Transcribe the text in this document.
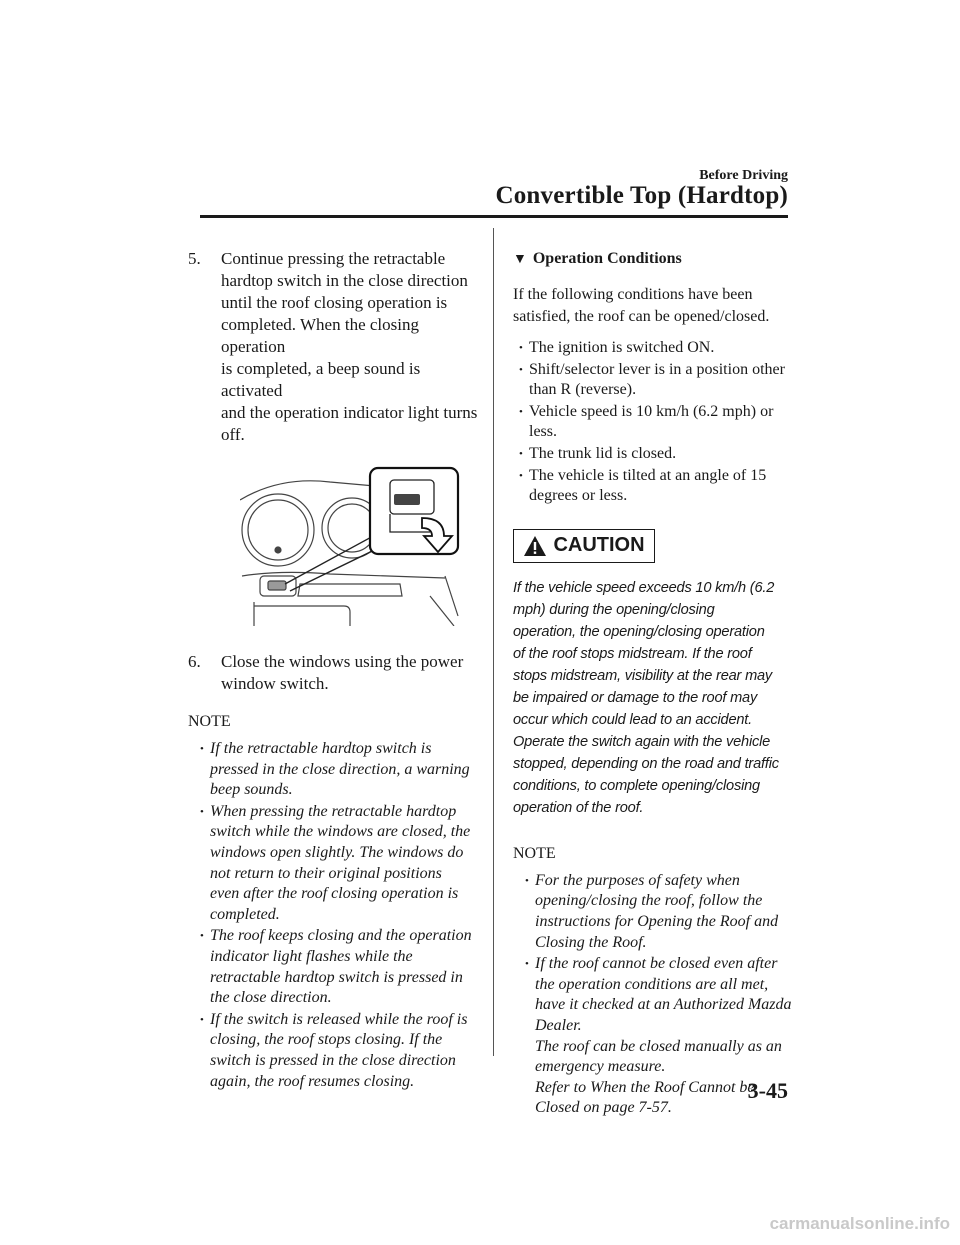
Before Driving
Convertible Top (Hardtop)
5. Continue pressing the retractable
hardtop switch in the close direction
until the roof closing operation is
completed. When the closing operation
is completed, a beep sound is activated
and the operation indicator light turns
off.
6. Close the windows using the power
window switch.
NOTE
• If the retractable hardtop switch is
pressed in the close direction, a warning
beep sounds.
• When pressing the retractable hardtop
switch while the windows are closed, the
windows open slightly. The windows do
not return to their original positions
even after the roof closing operation is
completed.
• The roof keeps closing and the operation
indicator light flashes while the
retractable hardtop switch is pressed in
the close direction.
• If the switch is released while the roof is
closing, the roof stops closing. If the
switch is pressed in the close direction
again, the roof resumes closing.
▼ Operation Conditions
If the following conditions have been
satisfied, the roof can be opened/closed.
• The ignition is switched ON.
• Shift/selector lever is in a position other
than R (reverse).
• Vehicle speed is 10 km/h (6.2 mph) or
less.
• The trunk lid is closed.
• The vehicle is tilted at an angle of 15
degrees or less.
CAUTION
If the vehicle speed exceeds 10 km/h (6.2
mph) during the opening/closing
operation, the opening/closing operation
of the roof stops midstream. If the roof
stops midstream, visibility at the rear may
be impaired or damage to the roof may
occur which could lead to an accident.
Operate the switch again with the vehicle
stopped, depending on the road and traffic
conditions, to complete opening/closing
operation of the roof.
NOTE
• For the purposes of safety when
opening/closing the roof, follow the
instructions for Opening the Roof and
Closing the Roof.
• If the roof cannot be closed even after
the operation conditions are all met,
have it checked at an Authorized Mazda
Dealer.
The roof can be closed manually as an
emergency measure.
Refer to When the Roof Cannot be
Closed on page 7-57.
3-45
carmanualsonline.info
